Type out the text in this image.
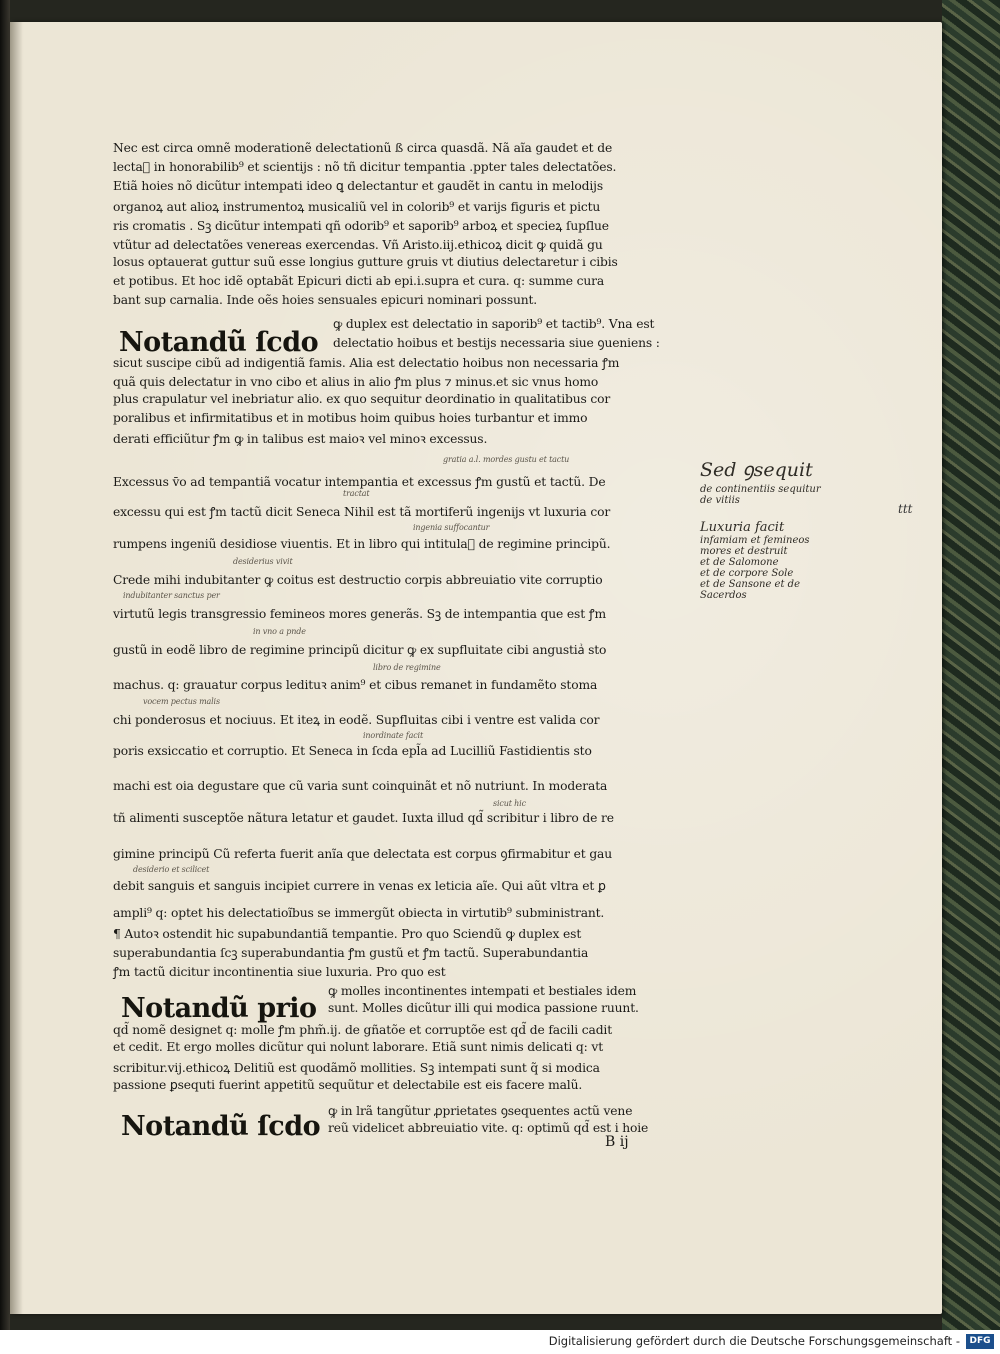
Nec est circa omnẽ moderationẽ delectationũ ß circa quasdã. Nã aĩa gaudet et de
lectaᷣ in honorabilib⁹ et scientijs : nõ tñ dicitur tempantia .ppter tales delectatões.
Etiã hoies nõ dicũtur intempati ideo ꝗ delectantur et gaudẽt in cantu in melodijs
organoꝝ aut alioꝝ instrumentoꝝ musicaliũ vel in colorib⁹ et varijs figuris et pictu
ris cromatis . Sꝫ dicũtur intempati qñ odorib⁹ et saporib⁹ arboꝝ et specieꝝ ſupſlue
vtũtur ad delectatões venereas exercendas. Vñ Aristo.iij.ethicoꝝ dicit ꝙ quidã gu
losus optauerat guttur suũ esse longius gutture gruis vt diutius delectaretur i cibis
et potibus. Et hoc idẽ optabãt Epicuri dicti ab epi.i.supra et cura. q: summe cura
bant sup carnalia. Inde oẽs hoies sensuales epicuri nominari possunt.
Notandũ ſcdo
ꝙ duplex est delectatio in saporib⁹ et tactib⁹. Vna est
delectatio hoibus et bestijs necessaria siue ꝯueniens :
sicut suscipe cibũ ad indigentiã famis. Alia est delectatio hoibus non necessaria ꝭm
quã quis delectatur in vno cibo et alius in alio ꝭm plus ⁊ minus.et sic vnus homo
plus crapulatur vel inebriatur alio. ex quo sequitur deordinatio in qualitatibus cor
poralibus et infirmitatibus et in motibus hoim quibus hoies turbantur et immo
derati efficiũtur ꝭm ꝙ in talibus est maioꝛ vel minoꝛ excessus.
Excessus v̄o ad tempantiã vocatur intempantia et excessus ꝭm gustũ et tactũ. De
excessu qui est ꝭm tactũ dicit Seneca Nihil est tã mortiferũ ingenijs vt luxuria cor
rumpens ingeniũ desidiose viuentis. Et in libro qui intitulaᷣ de regimine principũ.
Crede mihi indubitanter ꝙ coitus est destructio corpis abbreuiatio vite corruptio
virtutũ legis transgressio femineos mores generãs. Sꝫ de intempantia que est ꝭm
gustũ in eodẽ libro de regimine principũ dicitur ꝙ ex supfluitate cibi angustiaᷣ sto
machus. q: grauatur corpus ledituꝛ anim⁹ et cibus remanet in fundamẽto stoma
chi ponderosus et nociuus. Et iteꝝ in eodẽ. Supfluitas cibi i ventre est valida cor
poris exsiccatio et corruptio. Et Seneca in ſcda epl̃a ad Lucilliũ Fastidientis sto
machi est oia degustare que cũ varia sunt coinquinãt et nõ nutriunt. In moderata
tñ alimenti susceptõe nãtura letatur et gaudet. Iuxta illud qd̃ scribitur i libro de re
gimine principũ Cũ referta fuerit anĩa que delectata est corpus ꝯfirmabitur et gau
debit sanguis et sanguis incipiet currere in venas ex leticia aĩe. Qui aũt vltra et ꝑ
gratia a.l. mordes gustu et tactu
tractat
ingenia suffocantur
desiderius vivit
indubitanter sanctus per
in vno a pnde
libro de regimine
vocem pectus malis
inordinate facit
sicut hic
desiderio et scilicet
ampli⁹ q: optet his delectatioĩbus se immergũt obiecta in virtutib⁹ subministrant.
¶ Autoꝛ ostendit hic supabundantiã tempantie. Pro quo Sciendũ ꝙ duplex est
superabundantia ſcꝫ superabundantia ꝭm gustũ et ꝭm tactũ. Superabundantia
ꝭm tactũ dicitur incontinentia siue luxuria. Pro quo est
Notandũ prio
ꝙ molles incontinentes intempati et bestiales idem
sunt. Molles dicũtur illi qui modica passione ruunt.
qd̃ nomẽ designet q: molle ꝭm phm̃.ij. de gñatõe et corruptõe est qd̃ de facili cadit
et cedit. Et ergo molles dicũtur qui nolunt laborare. Etiã sunt nimis delicati q: vt
scribitur.vij.ethicoꝝ Delitiũ est quodãmõ mollities. Sꝫ intempati sunt q̃ si modica
passione ꝑsequti fuerint appetitũ sequũtur et delectabile est eis facere malũ.
Notandũ ſcdo ꝙ in lrã tangũtur ꝓprietates ꝯsequentes actũ vene
reũ videlicet abbreuiatio vite. q: optimũ qd̃ est i hoie
B ij
Sed ꝯsequit
de continentiis sequitur
de vitiis
Luxuria facit
infamiam et femineos
mores et destruit
et de Salomone
et de corpore Sole
et de Sansone et de
Sacerdos
ttt
Digitalisierung gefördert durch die Deutsche Forschungsgemeinschaft -	DFG
